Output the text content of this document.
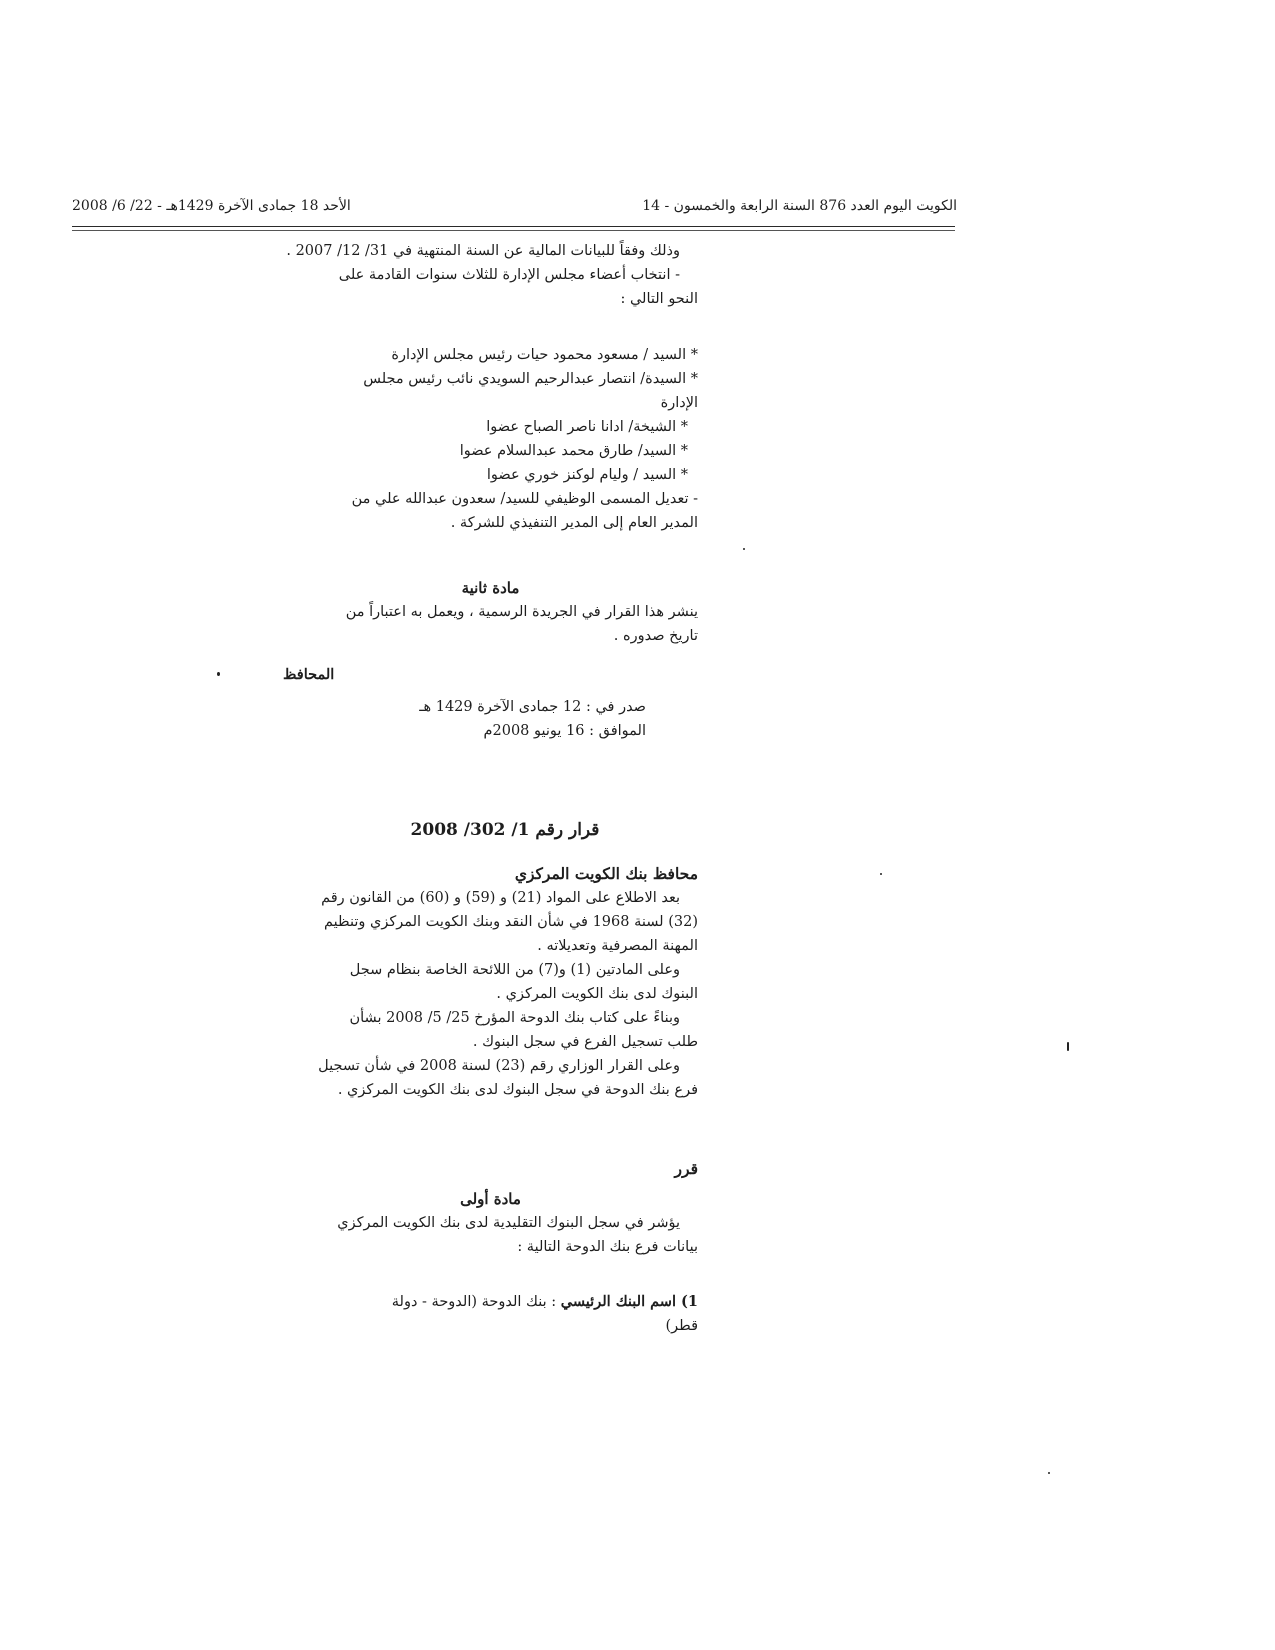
الكويت اليوم العدد 876 السنة الرابعة والخمسون - 14
الأحد 18 جمادى الآخرة 1429هـ - 22/ 6/ 2008
وذلك وفقاً للبيانات المالية عن السنة المنتهية في 31/ 12/ 2007 .
- انتخاب أعضاء مجلس الإدارة للثلاث سنوات القادمة على
النحو التالي :
* السيد / مسعود محمود حيات رئيس مجلس الإدارة
* السيدة/ انتصار عبدالرحيم السويدي نائب رئيس مجلس
الإدارة
* الشيخة/ ادانا ناصر الصباح عضوا
* السيد/ طارق محمد عبدالسلام عضوا
* السيد / وليام لوكنز خوري عضوا
- تعديل المسمى الوظيفي للسيد/ سعدون عبدالله علي من
المدير العام إلى المدير التنفيذي للشركة .
مادة ثانية
ينشر هذا القرار في الجريدة الرسمية ، ويعمل به اعتباراً من
تاريخ صدوره .
المحافظ
صدر في : 12 جمادى الآخرة 1429 هـ
الموافق : 16 يونيو 2008م
قرار رقم 1/ 302/ 2008
محافظ بنك الكويت المركزي
بعد الاطلاع على المواد (21) و (59) و (60) من القانون رقم
(32) لسنة 1968 في شأن النقد وبنك الكويت المركزي وتنظيم
المهنة المصرفية وتعديلاته .
وعلى المادتين (1) و(7) من اللائحة الخاصة بنظام سجل
البنوك لدى بنك الكويت المركزي .
وبناءً على كتاب بنك الدوحة المؤرخ 25/ 5/ 2008 بشأن
طلب تسجيل الفرع في سجل البنوك .
وعلى القرار الوزاري رقم (23) لسنة 2008 في شأن تسجيل
فرع بنك الدوحة في سجل البنوك لدى بنك الكويت المركزي .
قرر
مادة أولى
يؤشر في سجل البنوك التقليدية لدى بنك الكويت المركزي
بيانات فرع بنك الدوحة التالية :
1) اسم البنك الرئيسي : بنك الدوحة (الدوحة - دولة
قطر)
